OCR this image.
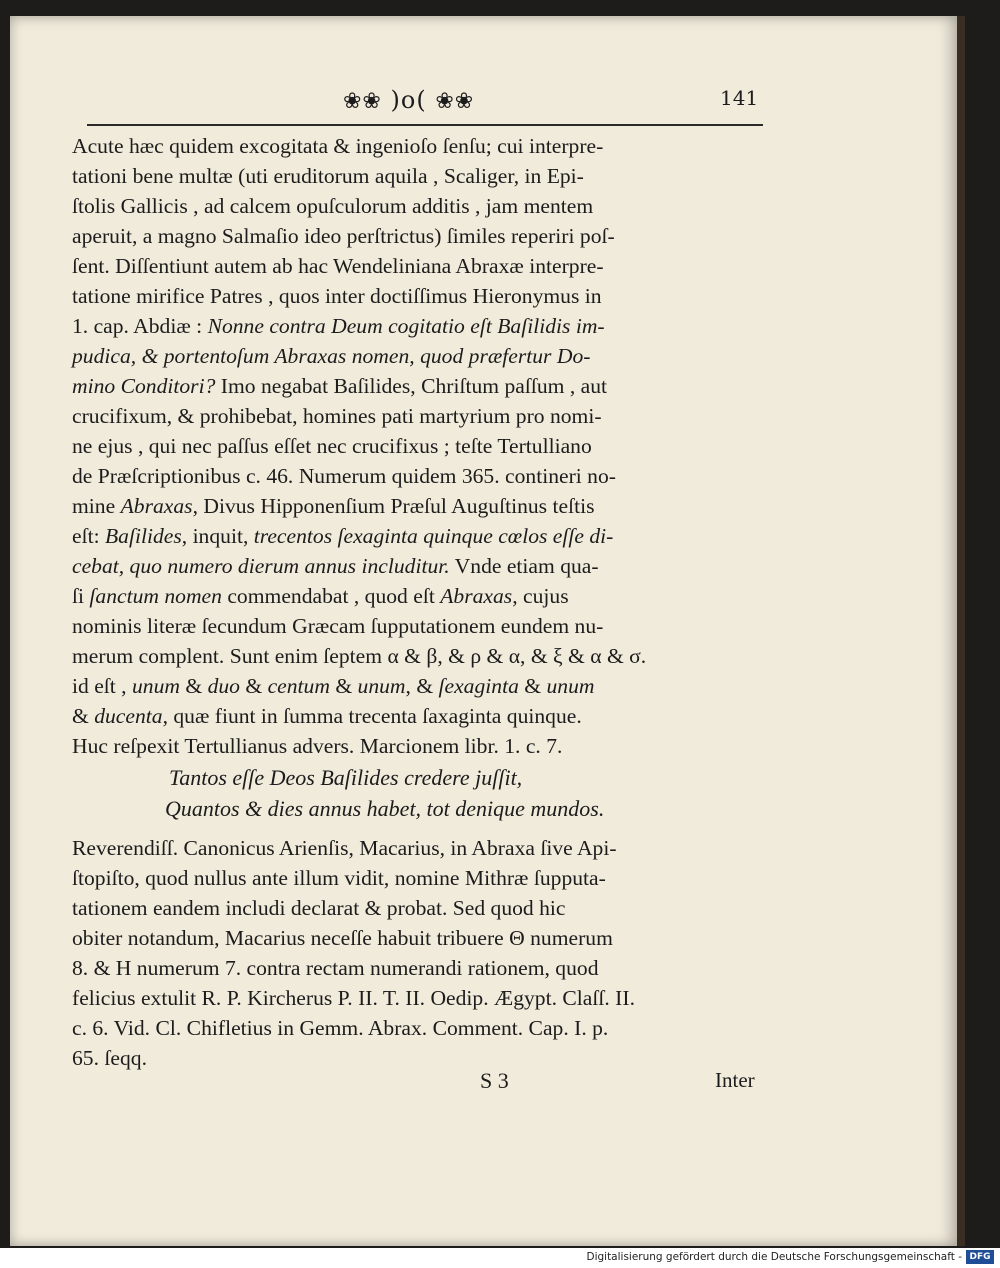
❀❀ )o( ❀❀	141
Acute hæc quidem excogitata & ingenioſo ſenſu; cui interpre-
tationi bene multæ (uti eruditorum aquila , Scaliger, in Epi-
ſtolis Gallicis , ad calcem opuſculorum additis , jam mentem
aperuit, a magno Salmaſio ideo perſtrictus) ſimiles reperiri poſ-
ſent. Diſſentiunt autem ab hac Wendeliniana Abraxæ interpre-
tatione mirifice Patres , quos inter doctiſſimus Hieronymus in
1. cap. Abdiæ : Nonne contra Deum cogitatio eſt Baſilidis im-
pudica, & portentoſum Abraxas nomen, quod præfertur Do-
mino Conditori? Imo negabat Baſilides, Chriſtum paſſum , aut
crucifixum, & prohibebat, homines pati martyrium pro nomi-
ne ejus , qui nec paſſus eſſet nec crucifixus ; teſte Tertulliano
de Præſcriptionibus c. 46. Numerum quidem 365. contineri no-
mine Abraxas, Divus Hipponenſium Præſul Auguſtinus teſtis
eſt: Baſilides, inquit, trecentos ſexaginta quinque cœlos eſſe di-
cebat, quo numero dierum annus includitur. Vnde etiam qua-
ſi ſanctum nomen commendabat , quod eſt Abraxas, cujus
nominis literæ ſecundum Græcam ſupputationem eundem nu-
merum complent. Sunt enim ſeptem α & β, & ρ & α, & ξ & α & σ.
id eſt , unum & duo & centum & unum, & ſexaginta & unum
& ducenta, quæ fiunt in ſumma trecenta ſaxaginta quinque.
Huc reſpexit Tertullianus advers. Marcionem libr. 1. c. 7.
Tantos eſſe Deos Baſilides credere juſſit,
Quantos & dies annus habet, tot denique mundos.
Reverendiſſ. Canonicus Arienſis, Macarius, in Abraxa ſive Api-
ſtopiſto, quod nullus ante illum vidit, nomine Mithræ ſupputa-
tationem eandem includi declarat & probat. Sed quod hic
obiter notandum, Macarius neceſſe habuit tribuere Θ numerum
8. & H numerum 7. contra rectam numerandi rationem, quod
felicius extulit R. P. Kircherus P. II. T. II. Oedip. Ægypt. Claſſ. II.
c. 6. Vid. Cl. Chifletius in Gemm. Abrax. Comment. Cap. I. p.
65. ſeqq.
S 3	Inter
Digitalisierung gefördert durch die Deutsche Forschungsgemeinschaft - DFG
